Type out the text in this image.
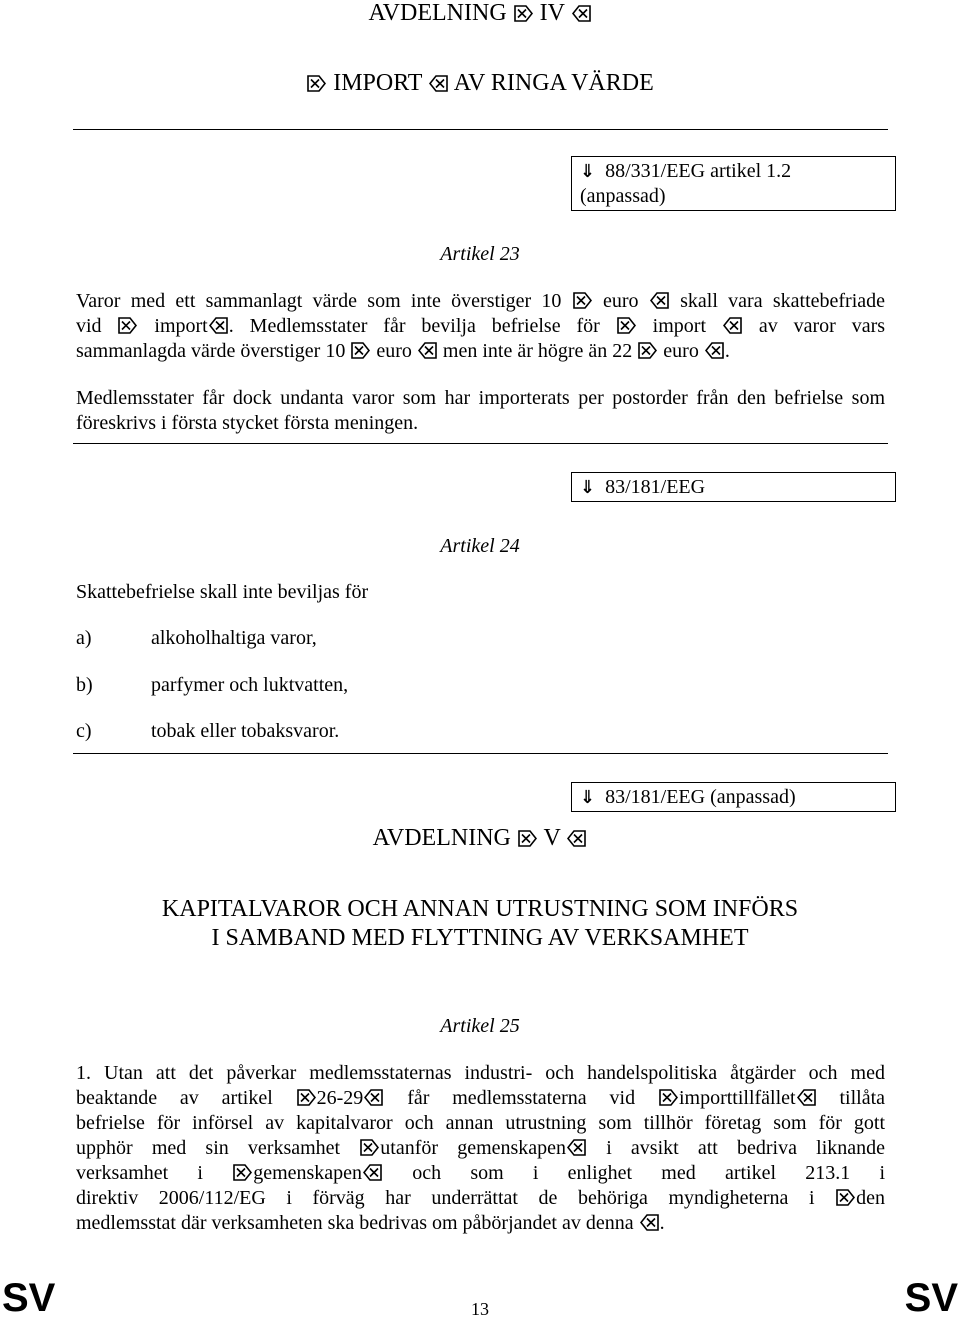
AVDELNING IV
IMPORT AV RINGA VÄRDE
⇓ 88/331/EEG artikel 1.2
(anpassad)
Artikel 23
Varor med ett sammanlagt värde som inte överstiger 10 euro skall vara skattebefriade
vid	import . Medlemsstater får bevilja befrielse för	import	av varor vars
sammanlagda värde överstiger 10 euro men inte är högre än 22 euro .
Medlemsstater får dock undanta varor som har importerats per postorder från den befrielse som föreskrivs i första stycket första meningen.
⇓ 83/181/EEG
Artikel 24
Skattebefrielse skall inte beviljas för
a)	alkoholhaltiga varor,
b)	parfymer och luktvatten,
c)	tobak eller tobaksvaror.
⇓ 83/181/EEG (anpassad)
AVDELNING V
KAPITALVAROR OCH ANNAN UTRUSTNING SOM INFÖRS
I SAMBAND MED FLYTTNING AV VERKSAMHET
Artikel 25
1. Utan att det påverkar medlemsstaternas industri- och handelspolitiska åtgärder och med
beaktande av artikel 26-29 får medlemsstaterna vid importtillfället tillåta
befrielse för införsel av kapitalvaror och annan utrustning som tillhör företag som för gott
upphör med sin verksamhet utanför gemenskapen i avsikt att bedriva liknande
verksamhet i	gemenskapen	och som i enlighet med artikel 213.1 i
direktiv 2006/112/EG i förväg har underrättat de behöriga myndigheterna i den
medlemsstat där verksamheten ska bedrivas om påbörjandet av denna .
SV	13	SV
